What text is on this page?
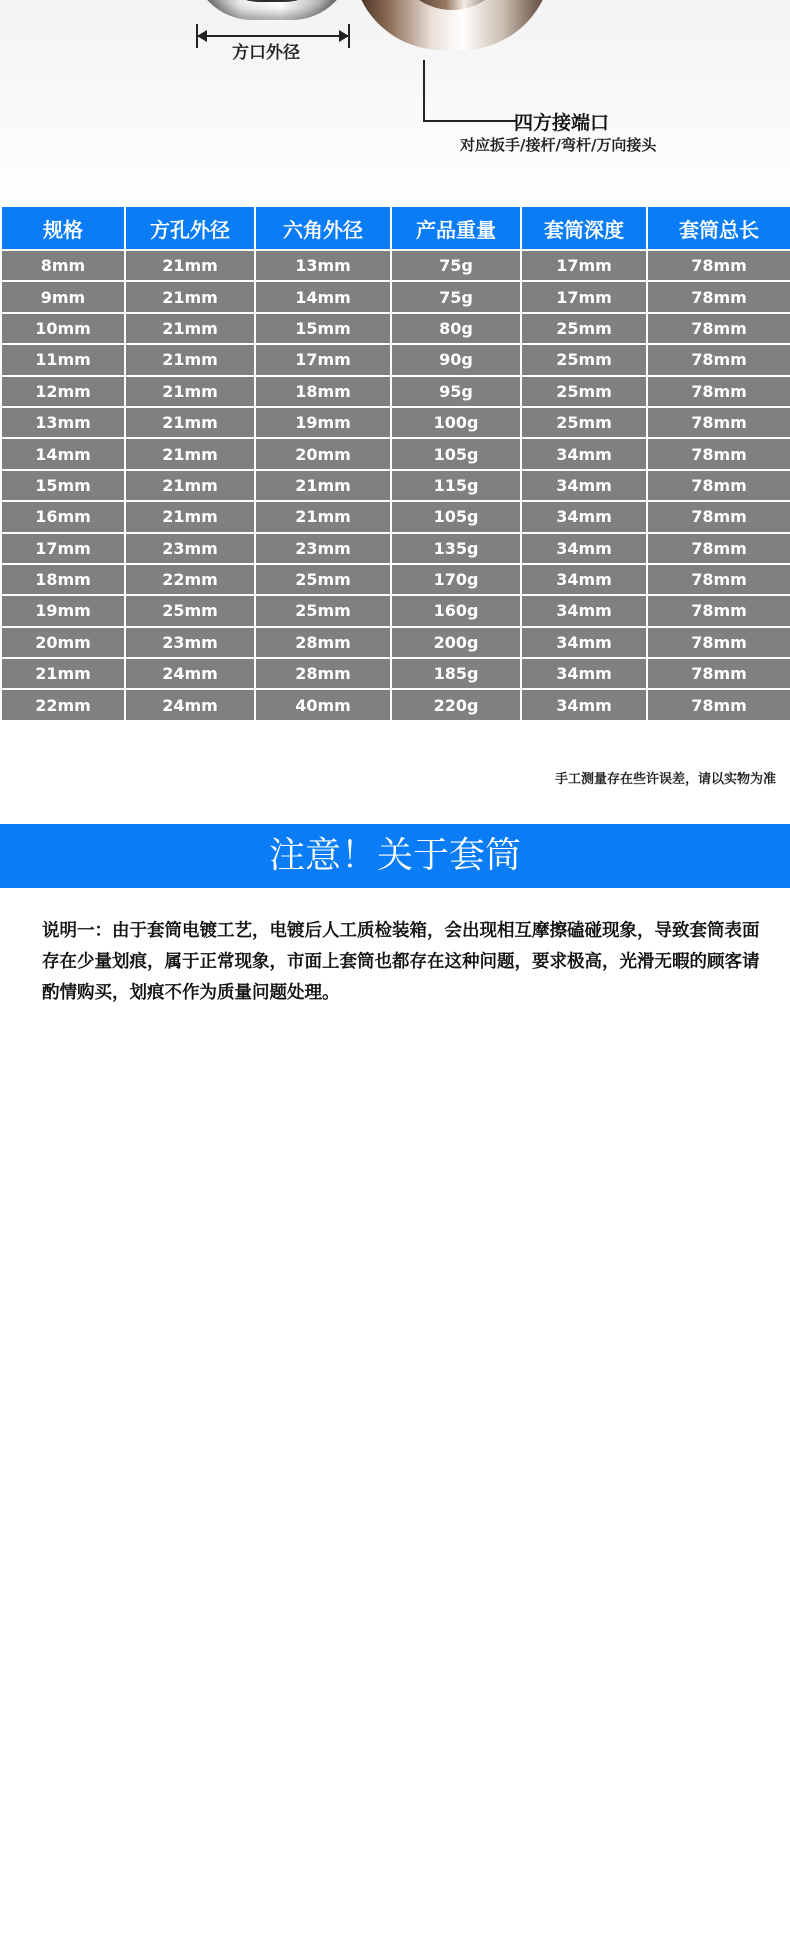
方口外径
四方接端口
对应扳手/接杆/弯杆/万向接头
规格	方孔外径	六角外径	产品重量	套筒深度	套筒总长
8mm	21mm	13mm	75g	17mm	78mm
9mm	21mm	14mm	75g	17mm	78mm
10mm	21mm	15mm	80g	25mm	78mm
11mm	21mm	17mm	90g	25mm	78mm
12mm	21mm	18mm	95g	25mm	78mm
13mm	21mm	19mm	100g	25mm	78mm
14mm	21mm	20mm	105g	34mm	78mm
15mm	21mm	21mm	115g	34mm	78mm
16mm	21mm	21mm	105g	34mm	78mm
17mm	23mm	23mm	135g	34mm	78mm
18mm	22mm	25mm	170g	34mm	78mm
19mm	25mm	25mm	160g	34mm	78mm
20mm	23mm	28mm	200g	34mm	78mm
21mm	24mm	28mm	185g	34mm	78mm
22mm	24mm	40mm	220g	34mm	78mm
手工测量存在些许误差，请以实物为准
注意！关于套筒
说明一：由于套筒电镀工艺，电镀后人工质检装箱，会出现相互摩擦磕碰现象，导致套筒表面存在少量划痕，属于正常现象，市面上套筒也都存在这种问题，要求极高，光滑无暇的顾客请酌情购买，划痕不作为质量问题处理。
